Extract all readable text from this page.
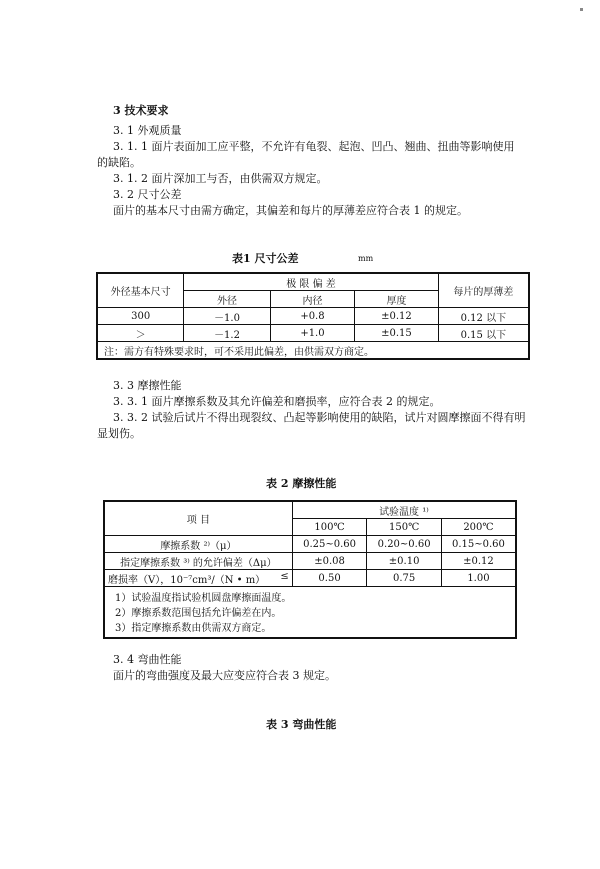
3 技术要求
3. 1 外观质量
3. 1. 1 面片表面加工应平整，不允许有龟裂、起泡、凹凸、翘曲、扭曲等影响使用
的缺陷。
3. 1. 2 面片深加工与否，由供需双方规定。
3. 2 尺寸公差
面片的基本尺寸由需方确定，其偏差和每片的厚薄差应符合表 1 的规定。
表1 尺寸公差	mm
外径基本尺寸	极 限 偏 差			每片的厚薄差
	外径	内径	厚度	
300	－1.0	+0.8	±0.12	0.12 以下
＞	－1.2	+1.0	±0.15	0.15 以下
注：需方有特殊要求时，可不采用此偏差，由供需双方商定。				
3. 3 摩擦性能
3. 3. 1 面片摩擦系数及其允许偏差和磨损率，应符合表 2 的规定。
3. 3. 2 试验后试片不得出现裂纹、凸起等影响使用的缺陷，试片对圆摩擦面不得有明
显划伤。
表 2 摩擦性能
项 目	试验温度 ¹⁾		
	100℃	150℃	200℃
摩擦系数 ²⁾（μ）	0.25~0.60	0.20~0.60	0.15~0.60
指定摩擦系数 ³⁾ 的允许偏差（Δμ）	±0.08	±0.10	±0.12
磨损率（V），10⁻⁷cm³/（N • m） ≤	0.50	0.75	1.00
1）试验温度指试验机圆盘摩擦面温度。			
2）摩擦系数范围包括允许偏差在内。			
3）指定摩擦系数由供需双方商定。			
3. 4 弯曲性能
面片的弯曲强度及最大应变应符合表 3 规定。
表 3 弯曲性能
